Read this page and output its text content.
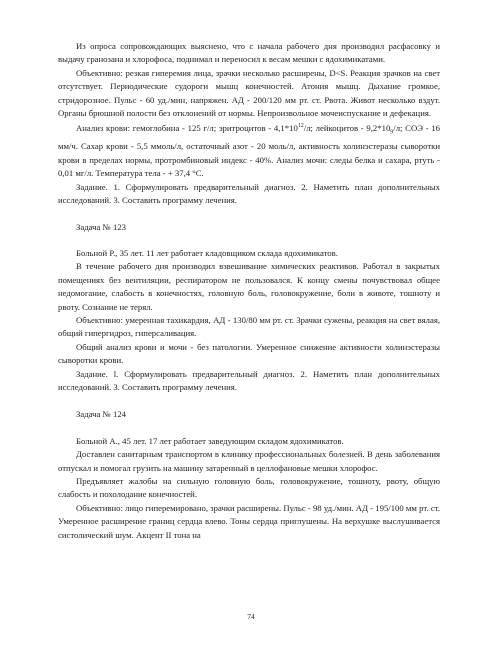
Из опроса сопровождающих выяснено, что с начала рабочего дня производил расфасовку и выдачу гранозана и хлорофоса, поднимал и переносил к весам мешки с ядохимикатами.

Объективно: резкая гиперемия лица, зрачки несколько расширены, D<S. Реакция зрачков на свет отсутствует. Периодические судороги мышц конечностей. Атония мышц. Дыхание громкое, стридорозное. Пульс - 60 уд./мин, напряжен. АД - 200/120 мм рт. ст. Рвота. Живот несколько вздут. Органы брюшной полости без отклонений от нормы. Непроизвольное мочеиспускание и дефекация.

Анализ крови: гемоглобина - 125 г/л; эритроцитов - $4,1*10^{12}/л$; лейкоцитов - $9,2*10_9/л$; СОЭ - 16 мм/ч. Сахар крови - 5,5 ммоль/л, остаточный азот - 20 моль/л, активность холинэстеразы сыворотки крови в пределах нормы, протромбиновый индекс - 40%. Анализ мочи: следы белка и сахара, ртуть - 0,01 мг/л. Температура тела - + 37,4 °С.

Задание. 1. Сформулировать предварительный диагноз. 2. Наметить план дополнительных исследований. 3. Составить программу лечения.

Задача № 123

Больной Р., 35 лет. 11 лет работает кладовщиком склада ядохимикатов.

В течение рабочего дня производил взвешивание химических реактивов. Работал в закрытых помещениях без вентиляции, респиратором не пользовался. К концу смены почувствовал общее недомогание, слабость в конечностях, головную боль, головокружение, боли в животе, тошноту и рвоту. Сознание не терял.

Объективно: умеренная тахикардия, АД - 130/80 мм рт. ст. Зрачки сужены, реакция на свет вялая, общий гипергидроз, гиперсаливация.

Общий анализ крови и мочи - без патологии. Умеренное снижение активности холинэстеразы сыворотки крови.

Задание. l. Сформулировать предварительный диагноз. 2. Наметить план дополнительных исследований. 3. Составить программу лечения.

Задача № 124

Больной А., 45 лет. 17 лет работает заведующим складом ядохимикатов.

Доставлен санитарным транспортом в клинику профессиональных болезней. В день заболевания отпускал и помогал грузить на машину затаренный в целлофановые мешки хлорофос.

Предъявляет жалобы на сильную головную боль, головокружение, тошноту, рвоту, общую слабость и похолодание конечностей.

Объективно: лицо гиперемировано, зрачки расширены. Пульс - 98 уд./мин. АД - 195/100 мм рт. ст. Умеренное расширение границ сердца влево. Тоны сердца приглушены. На верхушке выслушивается систолический шум. Акцент II тона на

74
